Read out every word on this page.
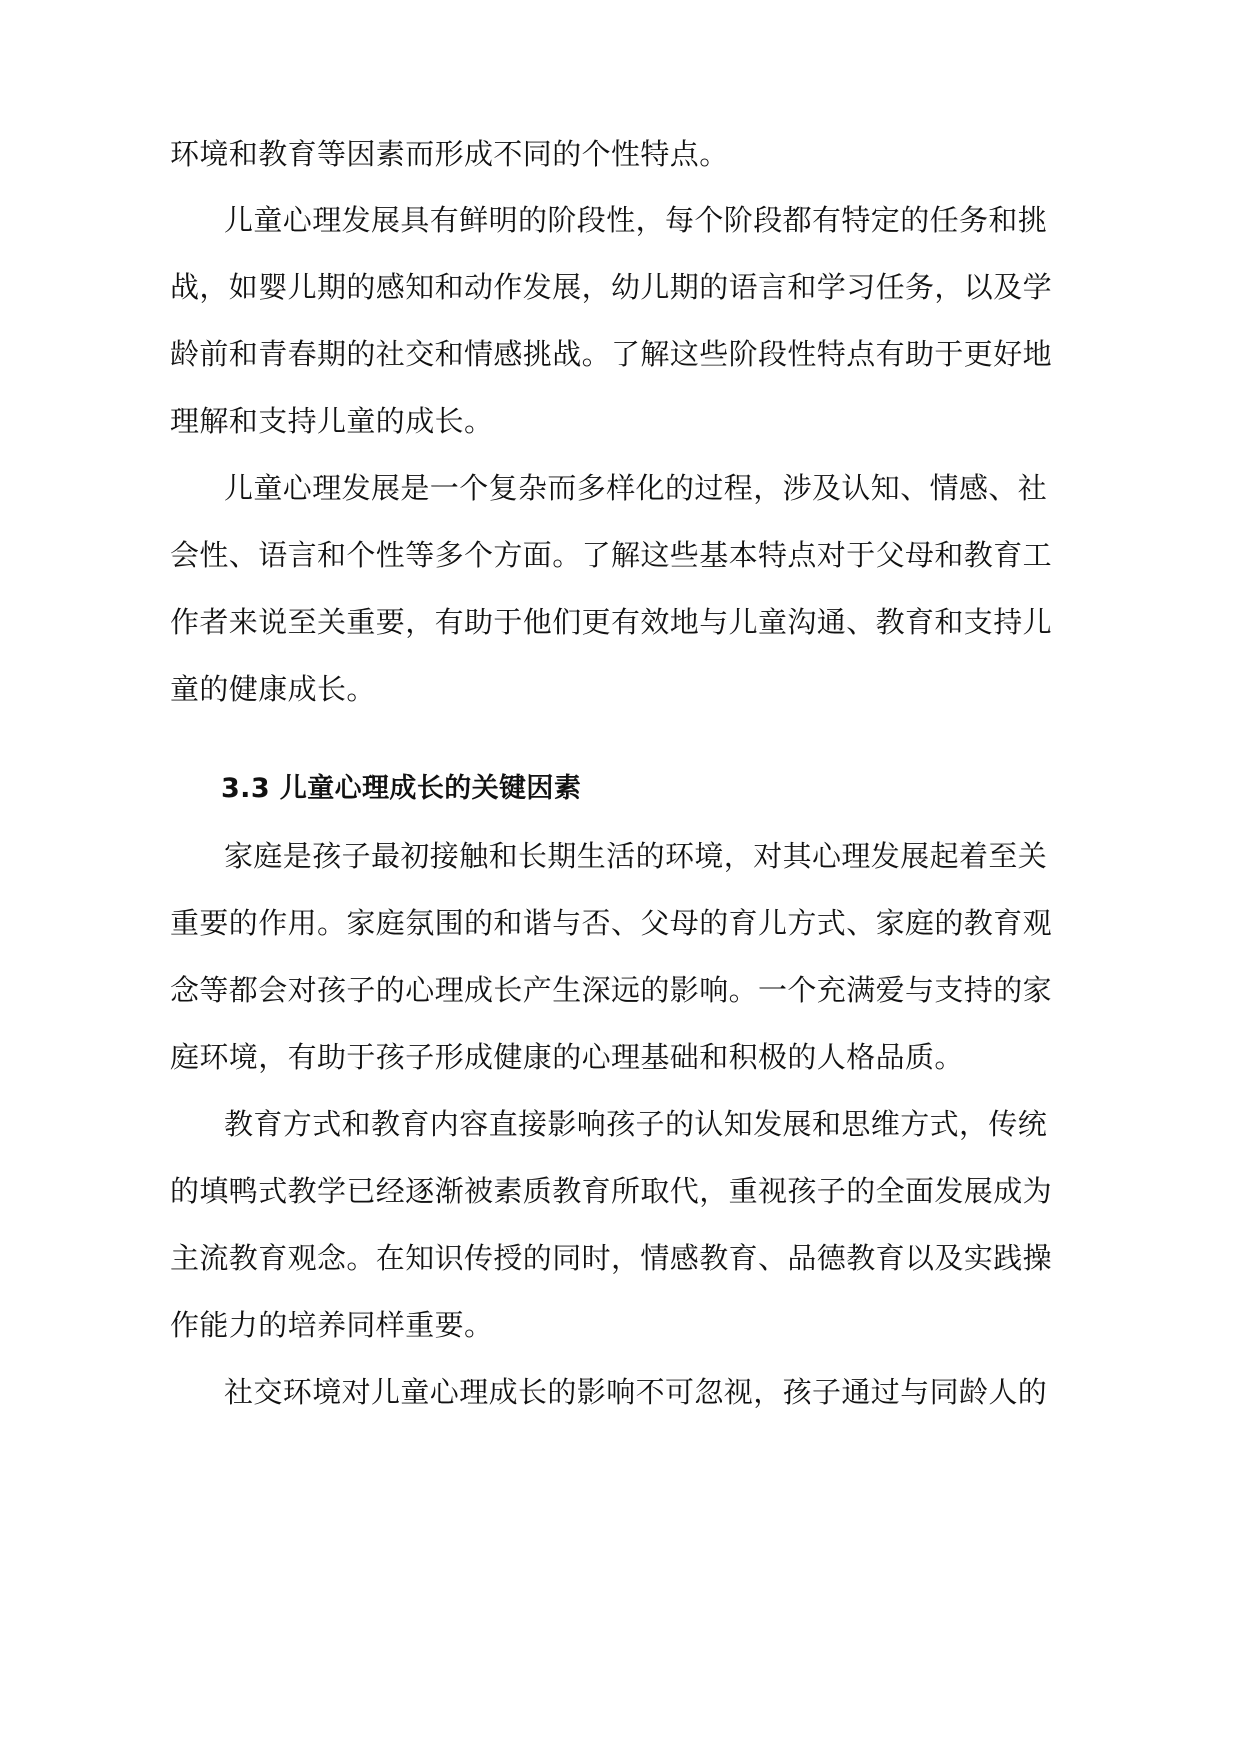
环境和教育等因素而形成不同的个性特点。

儿童心理发展具有鲜明的阶段性，每个阶段都有特定的任务和挑

战，如婴儿期的感知和动作发展，幼儿期的语言和学习任务，以及学

龄前和青春期的社交和情感挑战。了解这些阶段性特点有助于更好地

理解和支持儿童的成长。

儿童心理发展是一个复杂而多样化的过程，涉及认知、情感、社

会性、语言和个性等多个方面。了解这些基本特点对于父母和教育工

作者来说至关重要，有助于他们更有效地与儿童沟通、教育和支持儿

童的健康成长。

3.3 儿童心理成长的关键因素

家庭是孩子最初接触和长期生活的环境，对其心理发展起着至关

重要的作用。家庭氛围的和谐与否、父母的育儿方式、家庭的教育观

念等都会对孩子的心理成长产生深远的影响。一个充满爱与支持的家

庭环境，有助于孩子形成健康的心理基础和积极的人格品质。

教育方式和教育内容直接影响孩子的认知发展和思维方式，传统

的填鸭式教学已经逐渐被素质教育所取代，重视孩子的全面发展成为

主流教育观念。在知识传授的同时，情感教育、品德教育以及实践操

作能力的培养同样重要。

社交环境对儿童心理成长的影响不可忽视，孩子通过与同龄人的
